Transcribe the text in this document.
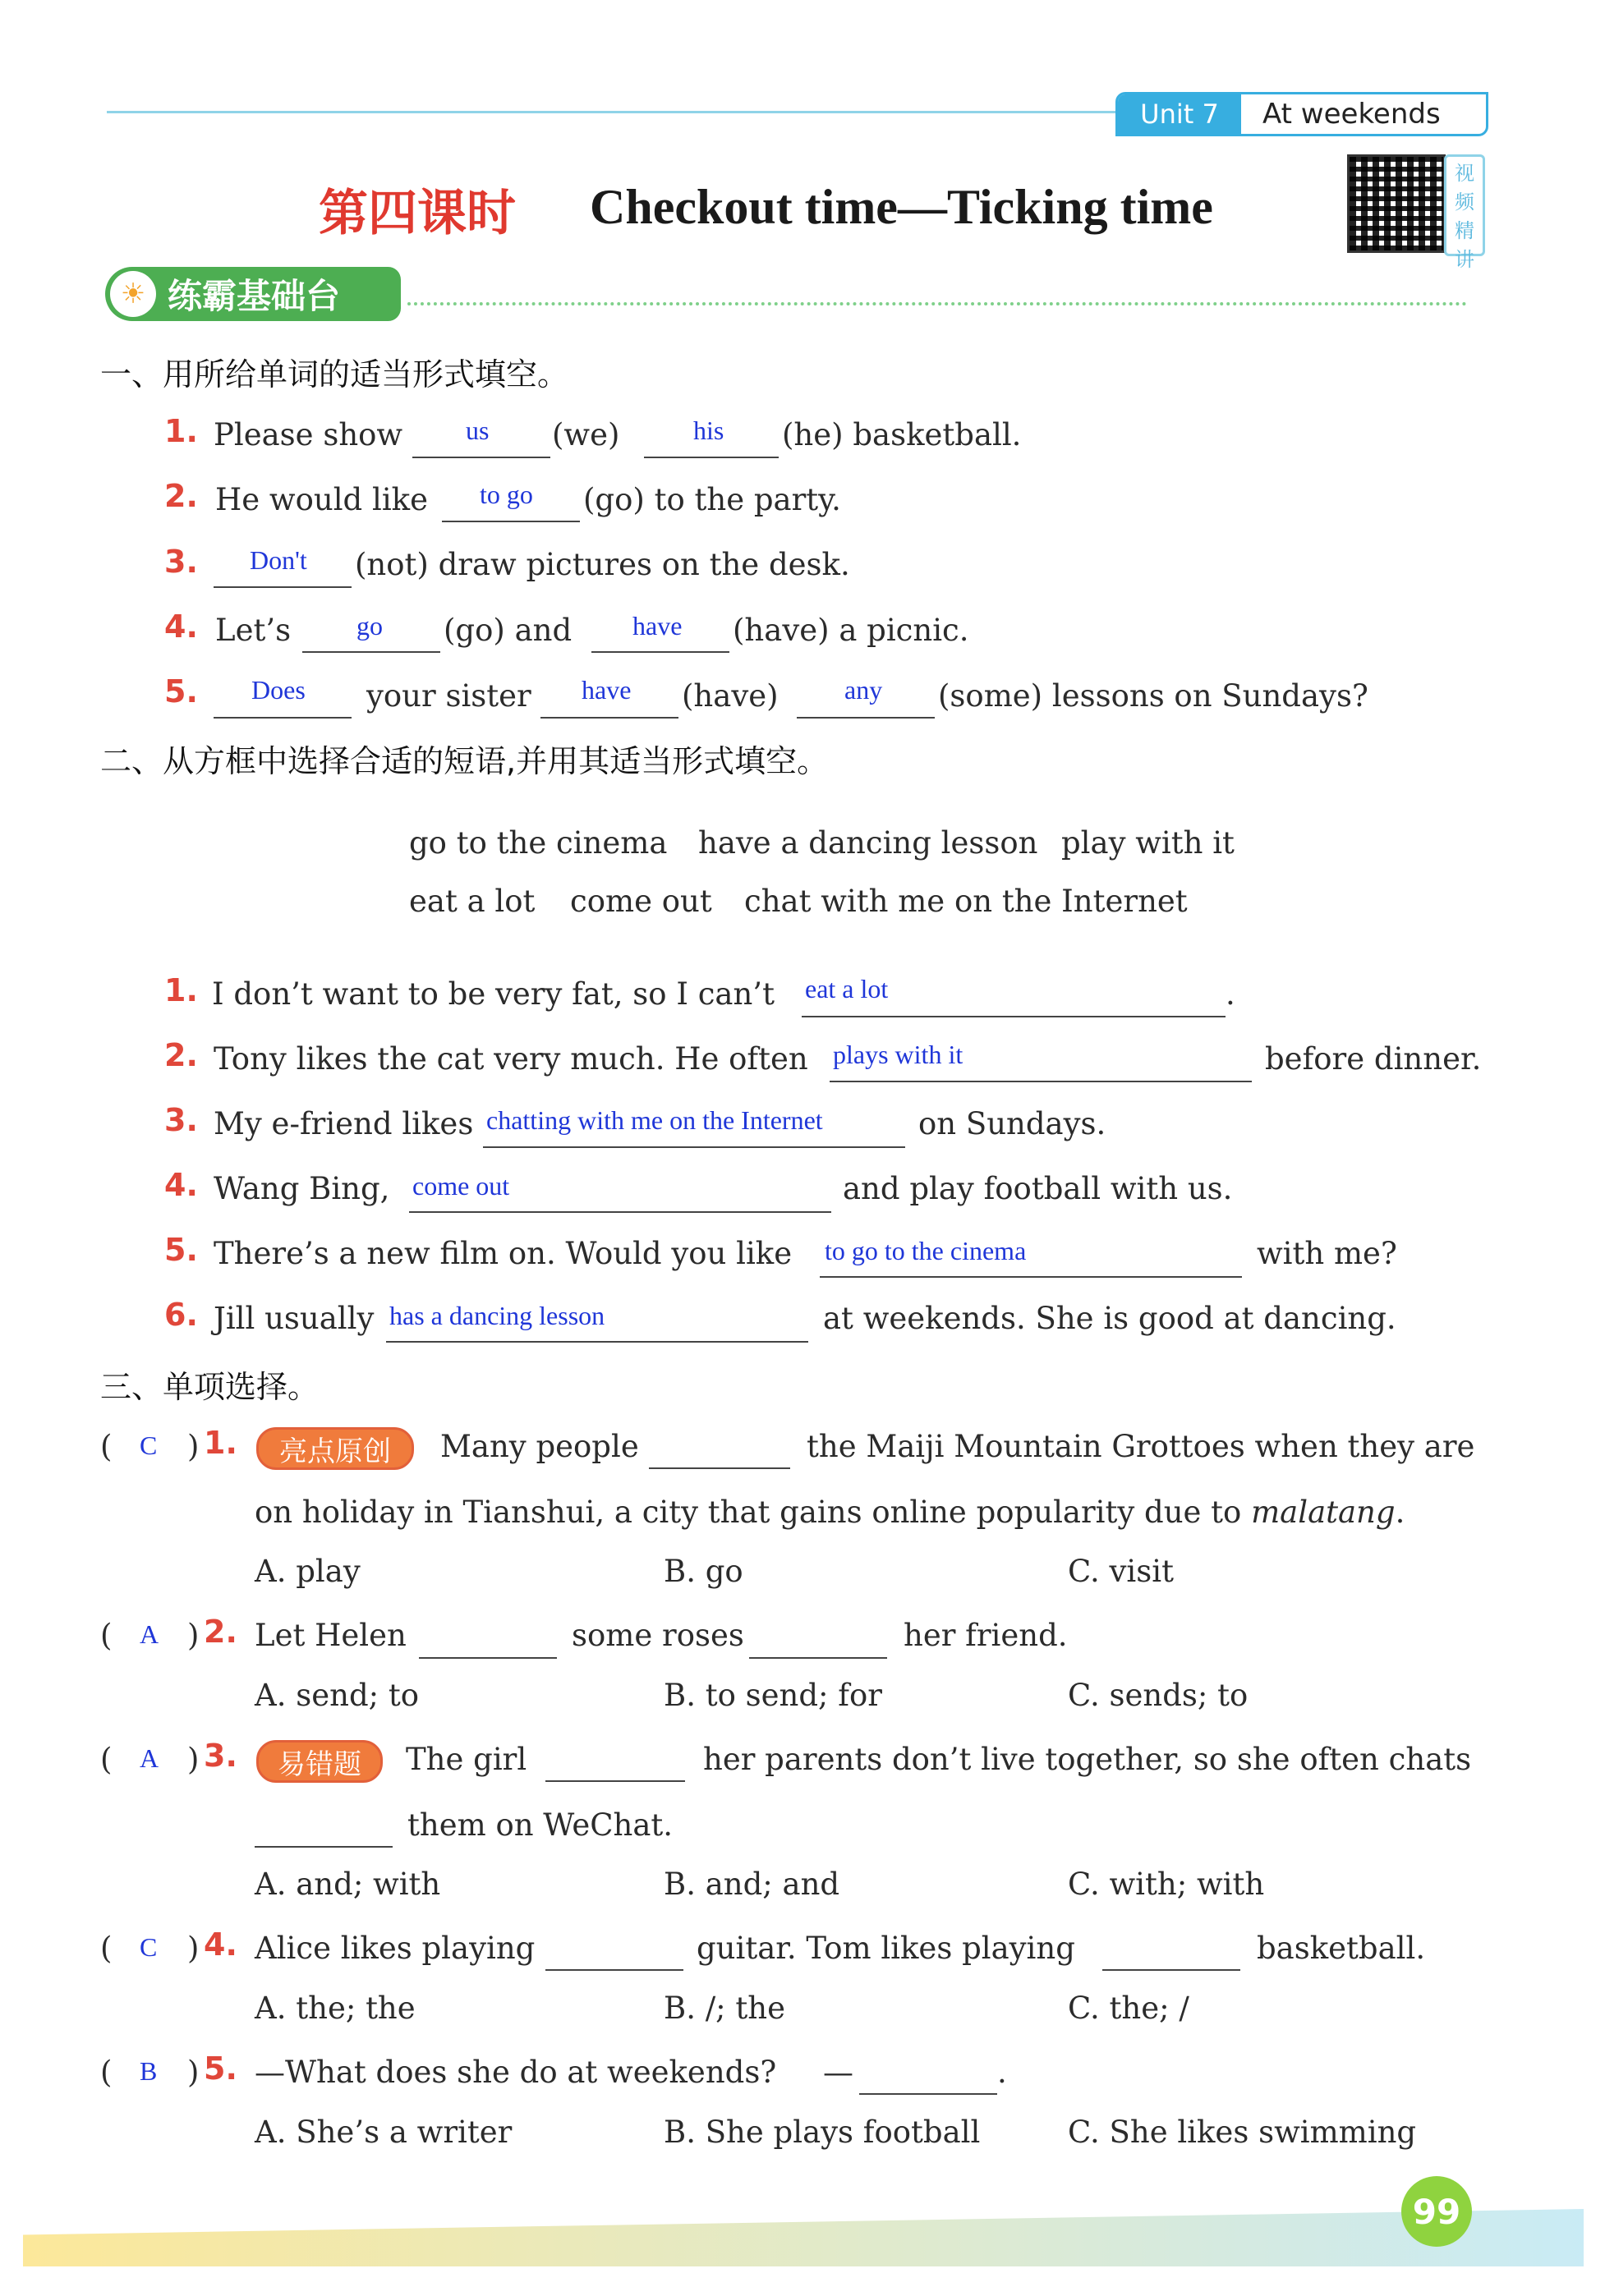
Unit 7	At weekends
第四课时 Checkout time—Ticking time
视
频
精
讲
☀ 练霸基础台
一、用所给单词的适当形式填空。
1. Please show us (we)	his (he) basketball.
2. He would like to go (go) to the party.
3. Don't (not) draw pictures on the desk.
4. Let’s go (go) and have (have) a picnic.
5. Does your sister have (have)	any (some) lessons on Sundays?
二、从方框中选择合适的短语,并用其适当形式填空。
go to the cinema have a dancing lesson play with it
eat a lot come out chat with me on the Internet
1. I don’t want to be very fat, so I can’t eat a lot	.
2. Tony likes the cat very much. He often plays with it	before dinner.
3. My e-friend likes chatting with me on the Internet	on Sundays.
4. Wang Bing, come out	and play football with us.
5. There’s a new film on. Would you like to go to the cinema	with me?
6. Jill usually has a dancing lesson	at weekends. She is good at dancing.
三、单项选择。
( C ) 1.	亮点原创	Many people	the Maiji Mountain Grottoes when they are
on holiday in Tianshui, a city that gains online popularity due to malatang.
A. play	B. go	C. visit
( A ) 2. Let Helen	some roses	her friend.
A. send; to	B. to send; for	C. sends; to
( A ) 3.	易错题	The girl	her parents don’t live together, so she often chats
them on WeChat.
A. and; with	B. and; and	C. with; with
( C ) 4. Alice likes playing	guitar. Tom likes playing	basketball.
A. the; the	B. /; the	C. the; /
( B ) 5. —What does she do at weekends? —	.
A. She’s a writer	B. She plays football	C. She likes swimming
99
